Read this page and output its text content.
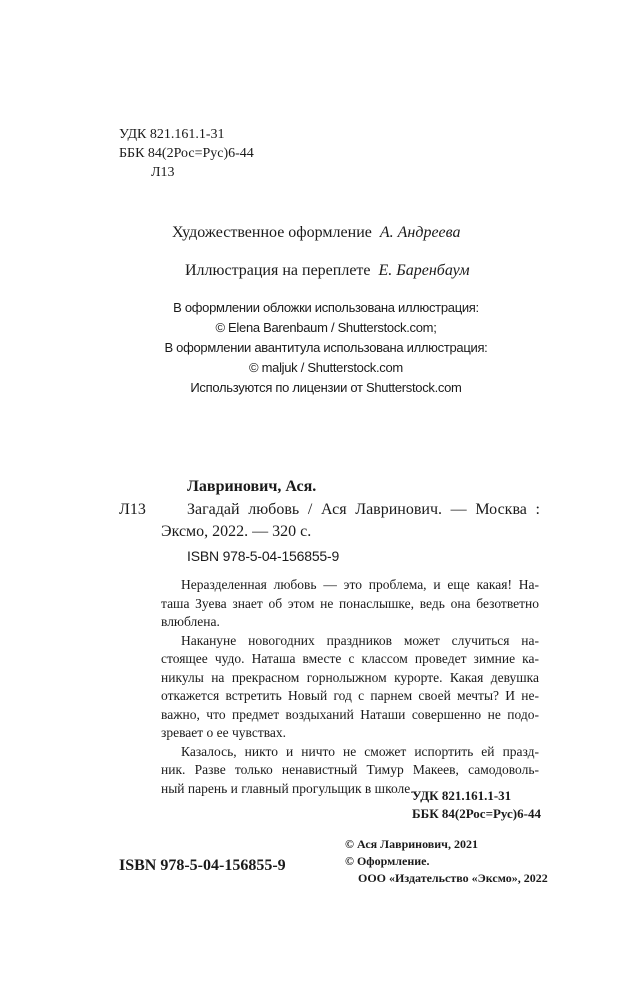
УДК 821.161.1-31
ББК 84(2Рос=Рус)6-44
Л13
Художественное оформление А. Андреева
Иллюстрация на переплете Е. Баренбаум
В оформлении обложки использована иллюстрация:
© Elena Barenbaum / Shutterstock.com;
В оформлении авантитула использована иллюстрация:
© maljuk / Shutterstock.com
Используются по лицензии от Shutterstock.com
Лавринович, Ася.
Л13	Загадай любовь / Ася Лавринович. — Москва :
Эксмо, 2022. — 320 с.
ISBN 978-5-04-156855-9
Неразделенная любовь — это проблема, и еще какая! На-
таша Зуева знает об этом не понаслышке, ведь она безответно
влюблена.
Накануне новогодних праздников может случиться на-
стоящее чудо. Наташа вместе с классом проведет зимние ка-
никулы на прекрасном горнолыжном курорте. Какая девушка
откажется встретить Новый год с парнем своей мечты? И не-
важно, что предмет воздыханий Наташи совершенно не подо-
зревает о ее чувствах.
Казалось, никто и ничто не сможет испортить ей празд-
ник. Разве только ненавистный Тимур Макеев, самодоволь-
ный парень и главный прогульщик в школе.
УДК 821.161.1-31
ББК 84(2Рос=Рус)6-44
ISBN 978-5-04-156855-9
© Ася Лавринович, 2021
© Оформление.
ООО «Издательство «Эксмо», 2022
